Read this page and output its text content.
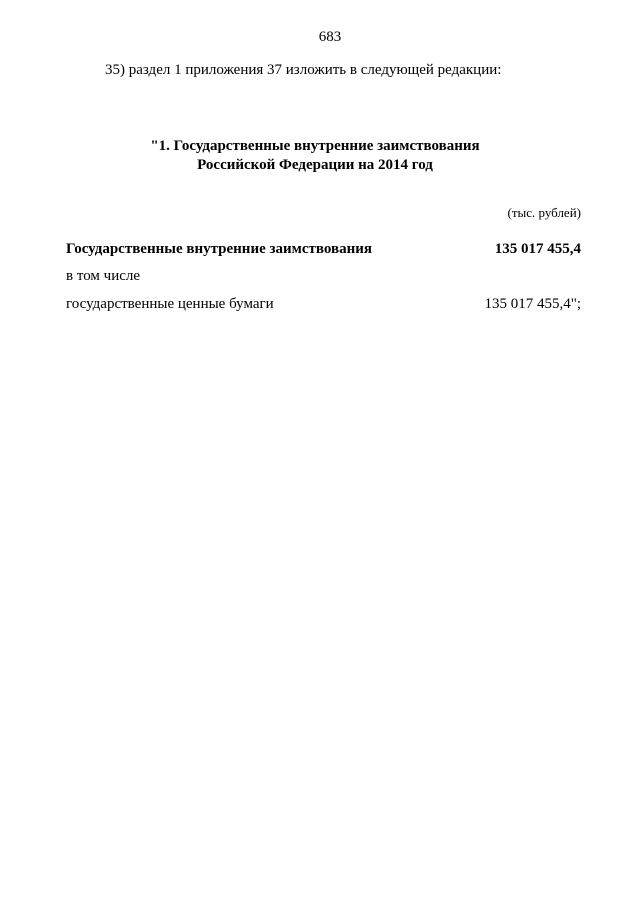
683
35) раздел 1 приложения 37 изложить в следующей редакции:
"1. Государственные внутренние заимствования
Российской Федерации на 2014 год
(тыс. рублей)
Государственные внутренние заимствования	135 017 455,4
в том числе
государственные ценные бумаги	135 017 455,4";
